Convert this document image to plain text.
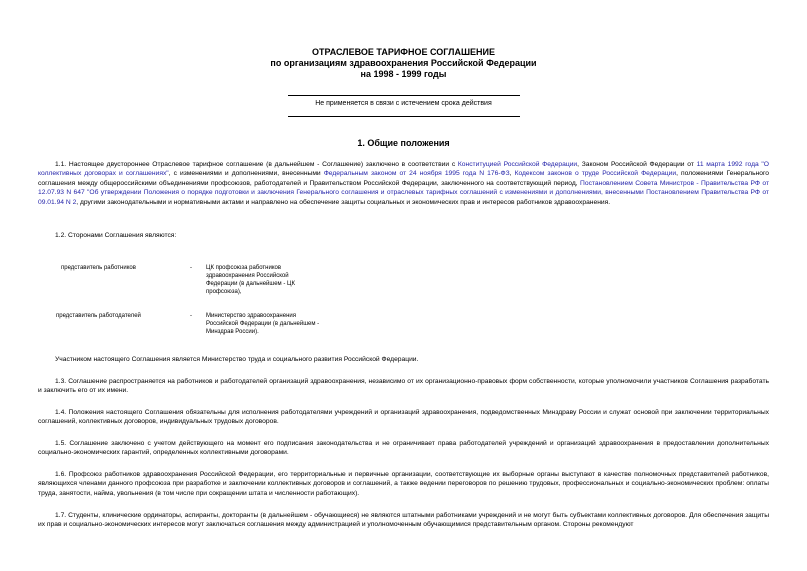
ОТРАСЛЕВОЕ ТАРИФНОЕ СОГЛАШЕНИЕ
по организациям здравоохранения Российской Федерации
на 1998 - 1999 годы
Не применяется в связи с истечением срока действия
1. Общие положения
1.1. Настоящее двустороннее Отраслевое тарифное соглашение (в дальнейшем - Соглашение) заключено в соответствии с Конституцией Российской Федерации, Законом Российской Федерации от 11 марта 1992 года "О коллективных договорах и соглашениях", с изменениями и дополнениями, внесенными Федеральным законом от 24 ноября 1995 года N 176-ФЗ, Кодексом законов о труде Российской Федерации, положениями Генерального соглашения между общероссийскими объединениями профсоюзов, работодателей и Правительством Российской Федерации, заключенного на соответствующий период, Постановлением Совета Министров - Правительства РФ от 12.07.93 N 647 "Об утверждении Положения о порядке подготовки и заключения Генерального соглашения и отраслевых тарифных соглашений с изменениями и дополнениями, внесенными Постановлением Правительства РФ от 09.01.94 N 2, другими законодательными и нормативными актами и направлено на обеспечение защиты социальных и экономических прав и интересов работников здравоохранения.
1.2. Сторонами Соглашения являются:
представитель работников	- ЦК профсоюза работников здравоохранения Российской Федерации (в дальнейшем - ЦК профсоюза),
представитель работодателей	- Министерство здравоохранения Российской Федерации (в дальнейшем - Минздрав России).
Участником настоящего Соглашения является Министерство труда и социального развития Российской Федерации.
1.3. Соглашение распространяется на работников и работодателей организаций здравоохранения, независимо от их организационно-правовых форм собственности, которые уполномочили участников Соглашения разработать и заключить его от их имени.
1.4. Положения настоящего Соглашения обязательны для исполнения работодателями учреждений и организаций здравоохранения, подведомственных Минздраву России и служат основой при заключении территориальных соглашений, коллективных договоров, индивидуальных трудовых договоров.
1.5. Соглашение заключено с учетом действующего на момент его подписания законодательства и не ограничивает права работодателей учреждений и организаций здравоохранения в предоставлении дополнительных социально-экономических гарантий, определенных коллективными договорами.
1.6. Профсоюз работников здравоохранения Российской Федерации, его территориальные и первичные организации, соответствующие их выборные органы выступают в качестве полномочных представителей работников, являющихся членами данного профсоюза при разработке и заключении коллективных договоров и соглашений, а также ведении переговоров по решению трудовых, профессиональных и социально-экономических проблем: оплаты труда, занятости, найма, увольнения (в том числе при сокращении штата и численности работающих).
1.7. Студенты, клинические ординаторы, аспиранты, докторанты (в дальнейшем - обучающиеся) не являются штатными работниками учреждений и не могут быть субъектами коллективных договоров. Для обеспечения защиты их прав и социально-экономических интересов могут заключаться соглашения между администрацией и уполномоченным обучающимися представительным органом. Стороны рекомендуют
